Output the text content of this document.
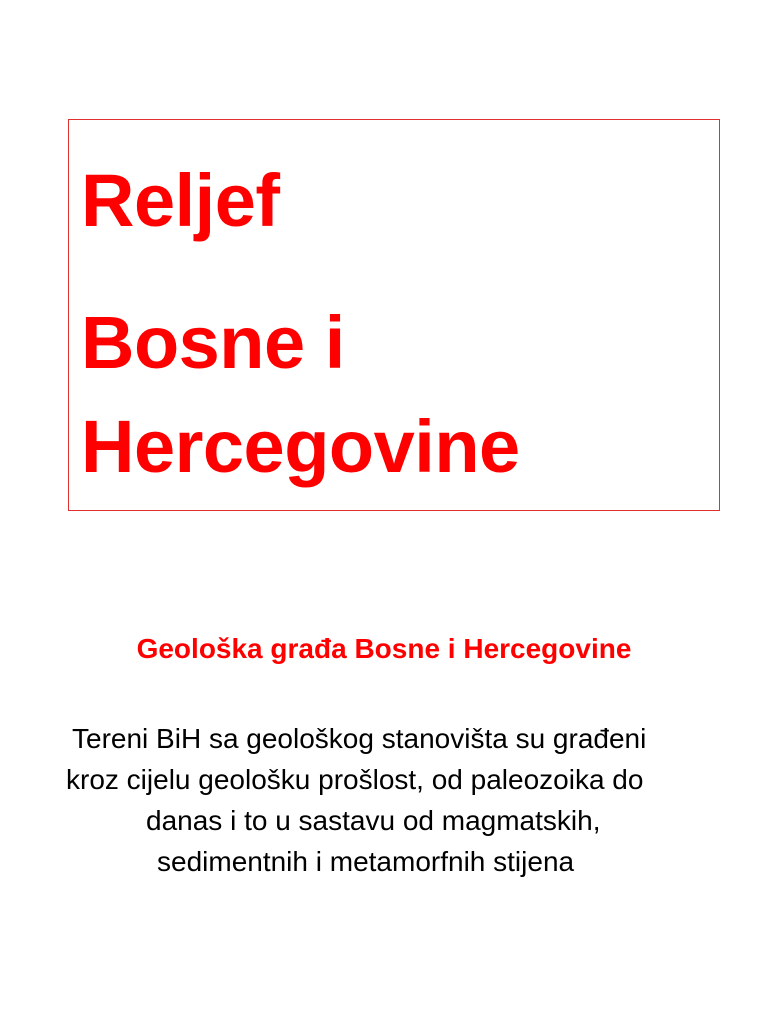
Reljef
Bosne i
Hercegovine
Geološka građa Bosne i Hercegovine
Tereni BiH sa geološkog stanovišta su građeni
kroz cijelu geološku prošlost, od paleozoika do
danas i to u sastavu od magmatskih,
sedimentnih i metamorfnih stijena
